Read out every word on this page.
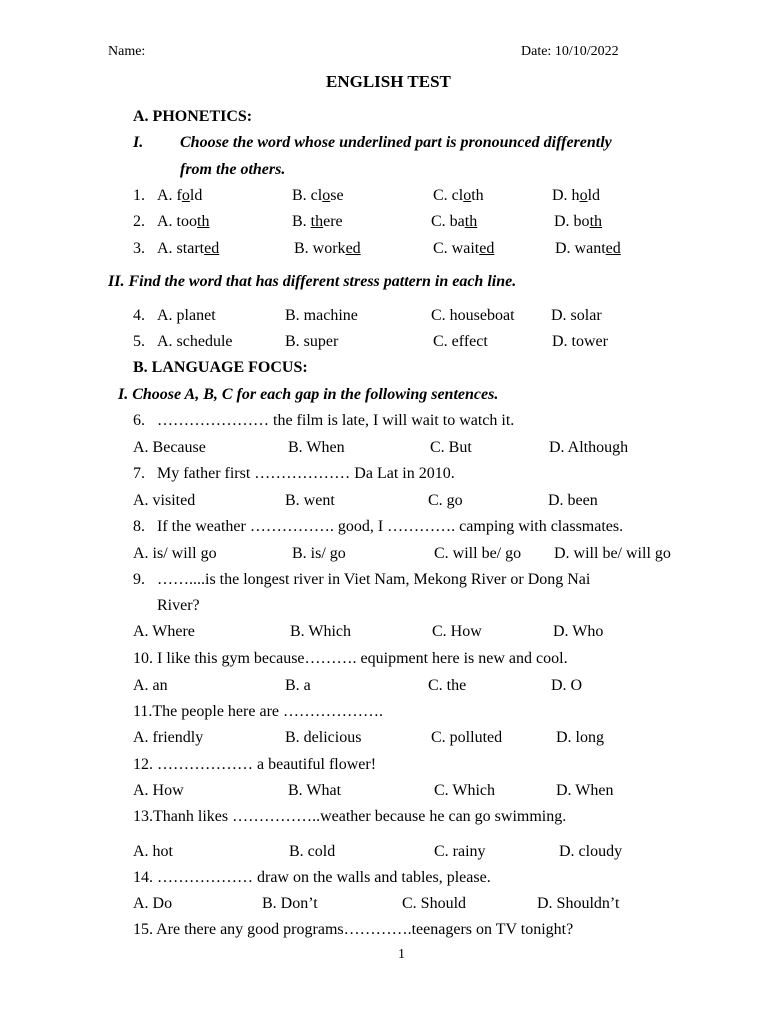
Name:	Date: 10/10/2022
ENGLISH TEST
A. PHONETICS:
I. Choose the word whose underlined part is pronounced differently
from the others.
1. A. fold	B. close	C. cloth	D. hold
2. A. tooth	B. there	C. bath	D. both
3. A. started	B. worked	C. waited	D. wanted
II. Find the word that has different stress pattern in each line.
4. A. planet	B. machine	C. houseboat D. solar
5. A. schedule	B. super	C. effect	D. tower
B. LANGUAGE FOCUS:
I. Choose A, B, C for each gap in the following sentences.
6. ………………… the film is late, I will wait to watch it.
A. Because	B. When	C. But	D. Although
7. My father first ……………… Da Lat in 2010.
A. visited	B. went	C. go	D. been
8. If the weather ……………. good, I …………. camping with classmates.
A. is/ will go	B. is/ go	C. will be/ go D. will be/ will go
9. ……....is the longest river in Viet Nam, Mekong River or Dong Nai
River?
A. Where	B. Which	C. How	D. Who
10. I like this gym because………. equipment here is new and cool.
A. an	B. a	C. the	D. O
11.The people here are ……………….
A. friendly	B. delicious	C. polluted	D. long
12. ……………… a beautiful flower!
A. How	B. What	C. Which	D. When
13.Thanh likes ……………..weather because he can go swimming.
A. hot	B. cold	C. rainy	D. cloudy
14. ……………… draw on the walls and tables, please.
A. Do	B. Don’t	C. Should	D. Shouldn’t
15. Are there any good programs………….teenagers on TV tonight?
1
